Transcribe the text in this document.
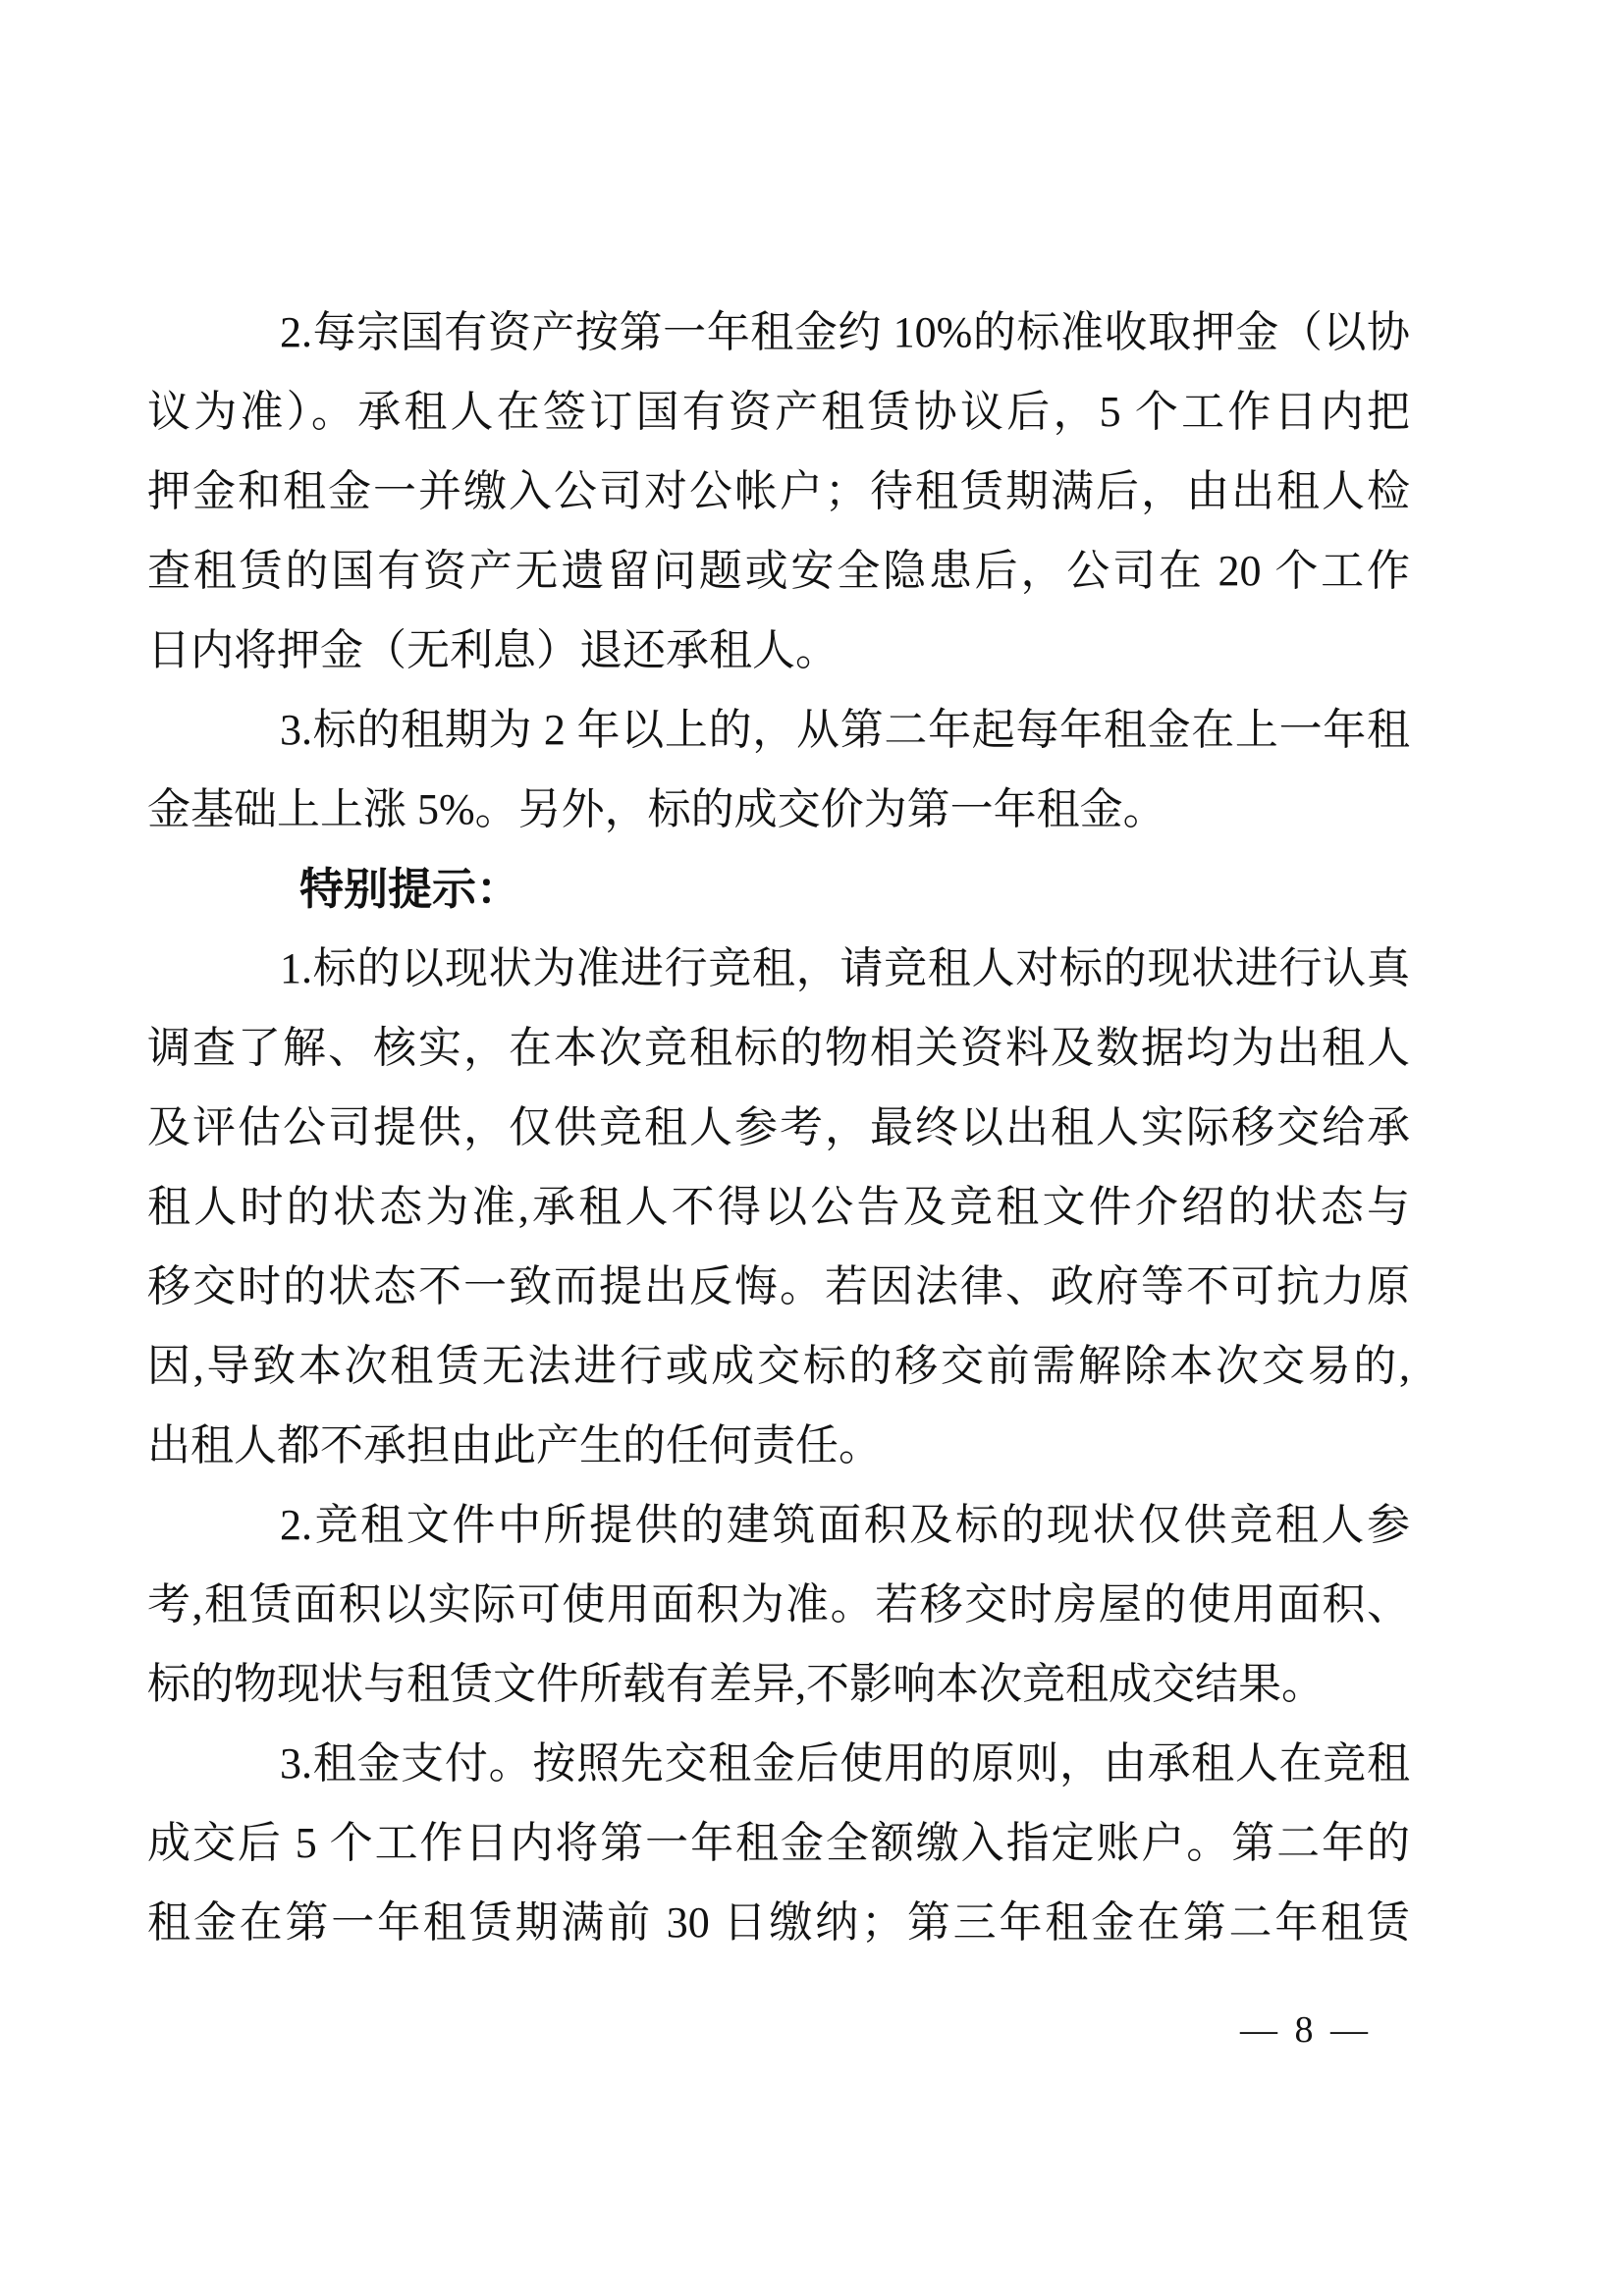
2.每宗国有资产按第一年租金约 10%的标准收取押金（以协
议为准）。承租人在签订国有资产租赁协议后，5 个工作日内把
押金和租金一并缴入公司对公帐户；待租赁期满后，由出租人检
查租赁的国有资产无遗留问题或安全隐患后，公司在 20 个工作
日内将押金（无利息）退还承租人。
3.标的租期为 2 年以上的，从第二年起每年租金在上一年租
金基础上上涨 5%。另外，标的成交价为第一年租金。
特别提示：
1.标的以现状为准进行竞租，请竞租人对标的现状进行认真
调查了解、核实，在本次竞租标的物相关资料及数据均为出租人
及评估公司提供，仅供竞租人参考，最终以出租人实际移交给承
租人时的状态为准,承租人不得以公告及竞租文件介绍的状态与
移交时的状态不一致而提出反悔。若因法律、政府等不可抗力原
因,导致本次租赁无法进行或成交标的移交前需解除本次交易的,
出租人都不承担由此产生的任何责任。
2.竞租文件中所提供的建筑面积及标的现状仅供竞租人参
考,租赁面积以实际可使用面积为准。若移交时房屋的使用面积、
标的物现状与租赁文件所载有差异,不影响本次竞租成交结果。
3.租金支付。按照先交租金后使用的原则，由承租人在竞租
成交后 5 个工作日内将第一年租金全额缴入指定账户。第二年的
租金在第一年租赁期满前 30 日缴纳；第三年租金在第二年租赁
— 8 —
